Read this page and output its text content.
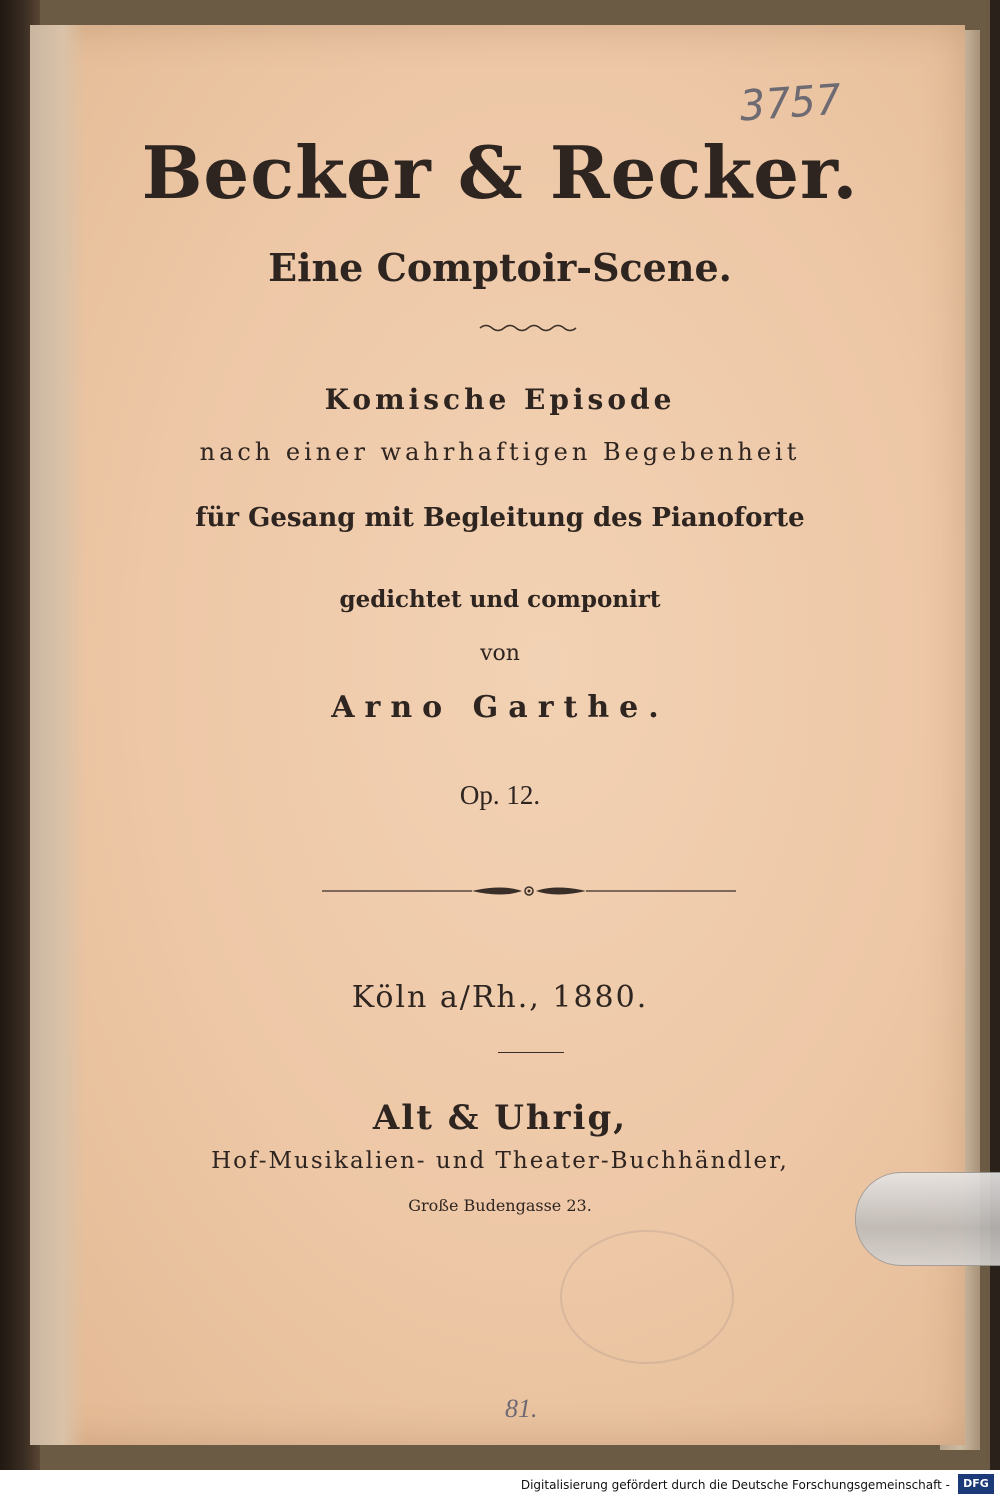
3757
Becker & Recker.
Eine Comptoir-Scene.
Komische Episode
nach einer wahrhaftigen Begebenheit
für Gesang mit Begleitung des Pianoforte
gedichtet und componirt
von
Arno Garthe.
Op. 12.
Köln a/Rh., 1880.
Alt & Uhrig,
Hof-Musikalien- und Theater-Buchhändler,
Große Budengasse 23.
81.
Digitalisierung gefördert durch die Deutsche Forschungsgemeinschaft -	DFG
